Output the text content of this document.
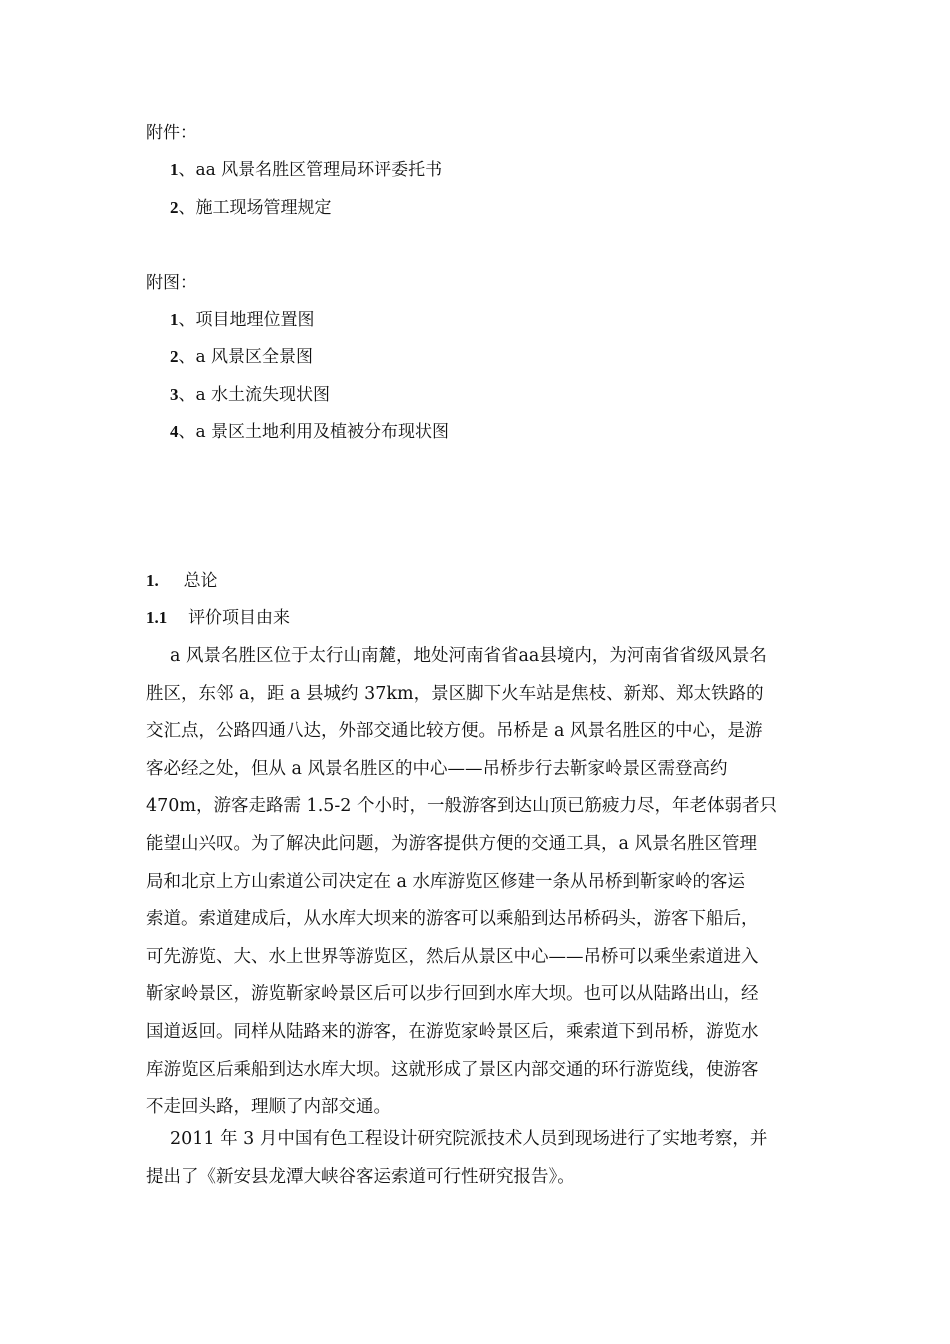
附件：
1、aa 风景名胜区管理局环评委托书
2、施工现场管理规定
附图：
1、项目地理位置图
2、a 风景区全景图
3、a 水土流失现状图
4、a 景区土地利用及植被分布现状图
1. 总论
1.1 评价项目由来
a 风景名胜区位于太行山南麓，地处河南省省aa县境内，为河南省省级风景名
胜区，东邻 a，距 a 县城约 37km，景区脚下火车站是焦枝、新郑、郑太铁路的
交汇点，公路四通八达，外部交通比较方便。吊桥是 a 风景名胜区的中心，是游
客必经之处，但从 a 风景名胜区的中心——吊桥步行去靳家岭景区需登高约
470m，游客走路需 1.5-2 个小时，一般游客到达山顶已筋疲力尽，年老体弱者只
能望山兴叹。为了解决此问题，为游客提供方便的交通工具，a 风景名胜区管理
局和北京上方山索道公司决定在 a 水库游览区修建一条从吊桥到靳家岭的客运
索道。索道建成后，从水库大坝来的游客可以乘船到达吊桥码头，游客下船后，
可先游览、大、水上世界等游览区，然后从景区中心——吊桥可以乘坐索道进入
靳家岭景区，游览靳家岭景区后可以步行回到水库大坝。也可以从陆路出山，经
国道返回。同样从陆路来的游客，在游览家岭景区后，乘索道下到吊桥，游览水
库游览区后乘船到达水库大坝。这就形成了景区内部交通的环行游览线，使游客
不走回头路，理顺了内部交通。
2011 年 3 月中国有色工程设计研究院派技术人员到现场进行了实地考察，并
提出了《新安县龙潭大峡谷客运索道可行性研究报告》。
